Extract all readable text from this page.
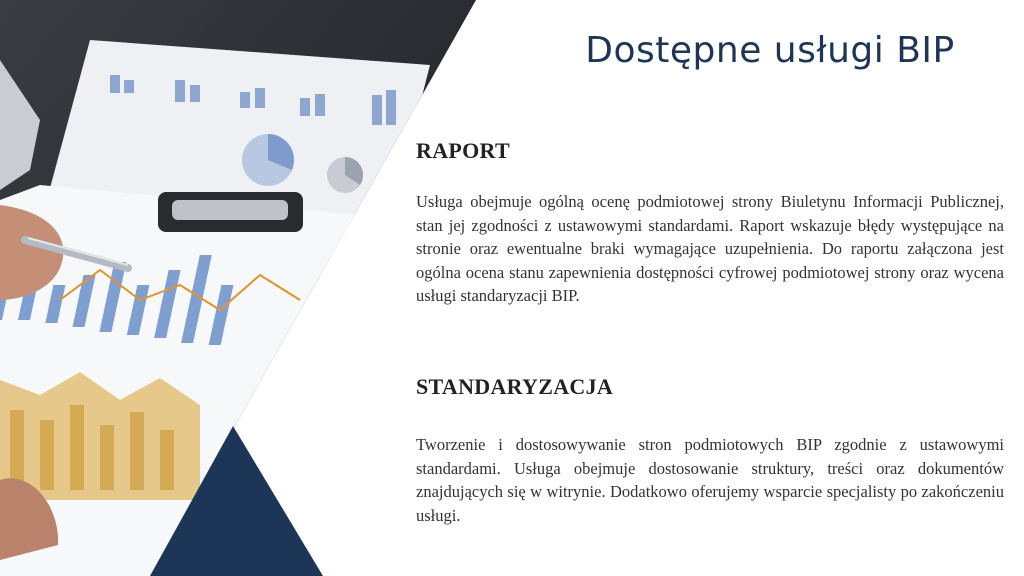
Dostępne usługi BIP
RAPORT

Usługa obejmuje ogólną ocenę podmiotowej strony Biuletynu Informacji Publicznej, stan jej zgodności z ustawowymi standardami. Raport wskazuje błędy występujące na stronie oraz ewentualne braki wymagające uzupełnienia. Do raportu załączona jest ogólna ocena stanu zapewnienia dostępności cyfrowej podmiotowej strony oraz wycena usługi standaryzacji BIP.

STANDARYZACJA

Tworzenie i dostosowywanie stron podmiotowych BIP zgodnie z ustawowymi standardami. Usługa obejmuje dostosowanie struktury, treści oraz dokumentów znajdujących się w witrynie. Dodatkowo oferujemy wsparcie specjalisty po zakończeniu usługi.
